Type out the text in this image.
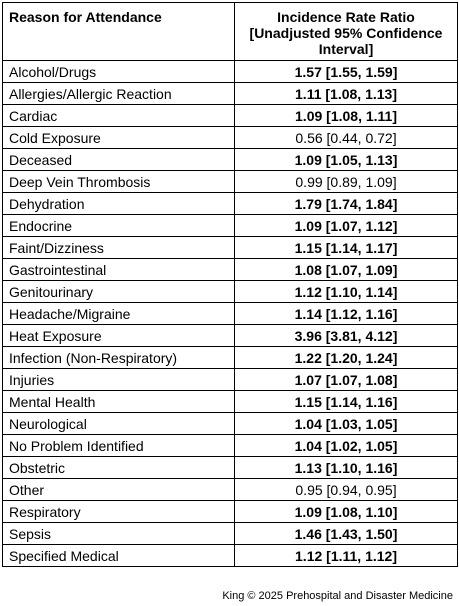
Reason for Attendance	Incidence Rate Ratio
[Unadjusted 95% Confidence
Interval]

Alcohol/Drugs	1.57 [1.55, 1.59]
Allergies/Allergic Reaction	1.11 [1.08, 1.13]
Cardiac	1.09 [1.08, 1.11]
Cold Exposure	0.56 [0.44, 0.72]
Deceased	1.09 [1.05, 1.13]
Deep Vein Thrombosis	0.99 [0.89, 1.09]
Dehydration	1.79 [1.74, 1.84]
Endocrine	1.09 [1.07, 1.12]
Faint/Dizziness	1.15 [1.14, 1.17]
Gastrointestinal	1.08 [1.07, 1.09]
Genitourinary	1.12 [1.10, 1.14]
Headache/Migraine	1.14 [1.12, 1.16]
Heat Exposure	3.96 [3.81, 4.12]
Infection (Non-Respiratory)	1.22 [1.20, 1.24]
Injuries	1.07 [1.07, 1.08]
Mental Health	1.15 [1.14, 1.16]
Neurological	1.04 [1.03, 1.05]
No Problem Identified	1.04 [1.02, 1.05]
Obstetric	1.13 [1.10, 1.16]
Other	0.95 [0.94, 0.95]
Respiratory	1.09 [1.08, 1.10]
Sepsis	1.46 [1.43, 1.50]
Specified Medical	1.12 [1.11, 1.12]
King © 2025 Prehospital and Disaster Medicine
